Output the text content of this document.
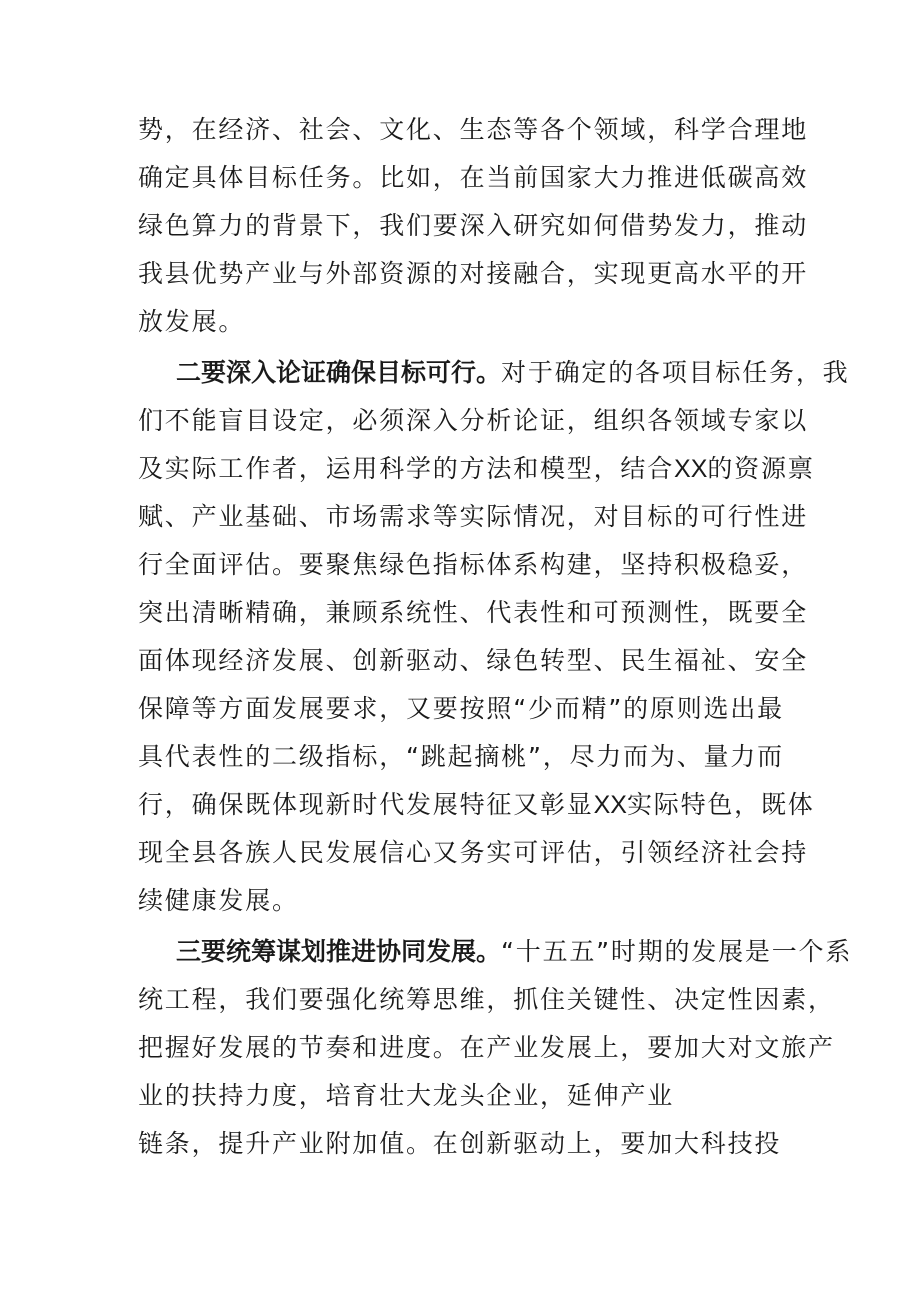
势，在经济、社会、文化、生态等各个领域，科学合理地
确定具体目标任务。比如，在当前国家大力推进低碳高效
绿色算力的背景下，我们要深入研究如何借势发力，推动
我县优势产业与外部资源的对接融合，实现更高水平的开
放发展。
二要深入论证确保目标可行。对于确定的各项目标任务，我
们不能盲目设定，必须深入分析论证，组织各领域专家以
及实际工作者，运用科学的方法和模型，结合XX的资源禀
赋、产业基础、市场需求等实际情况，对目标的可行性进
行全面评估。要聚焦绿色指标体系构建，坚持积极稳妥，
突出清晰精确，兼顾系统性、代表性和可预测性，既要全
面体现经济发展、创新驱动、绿色转型、民生福祉、安全
保障等方面发展要求，又要按照“少而精”的原则选出最
具代表性的二级指标，“跳起摘桃”，尽力而为、量力而
行，确保既体现新时代发展特征又彰显XX实际特色，既体
现全县各族人民发展信心又务实可评估，引领经济社会持
续健康发展。
三要统筹谋划推进协同发展。“十五五”时期的发展是一个系
统工程，我们要强化统筹思维，抓住关键性、决定性因素，
把握好发展的节奏和进度。在产业发展上，要加大对文旅产
业的扶持力度，培育壮大龙头企业，延伸产业
链条，提升产业附加值。在创新驱动上，要加大科技投
